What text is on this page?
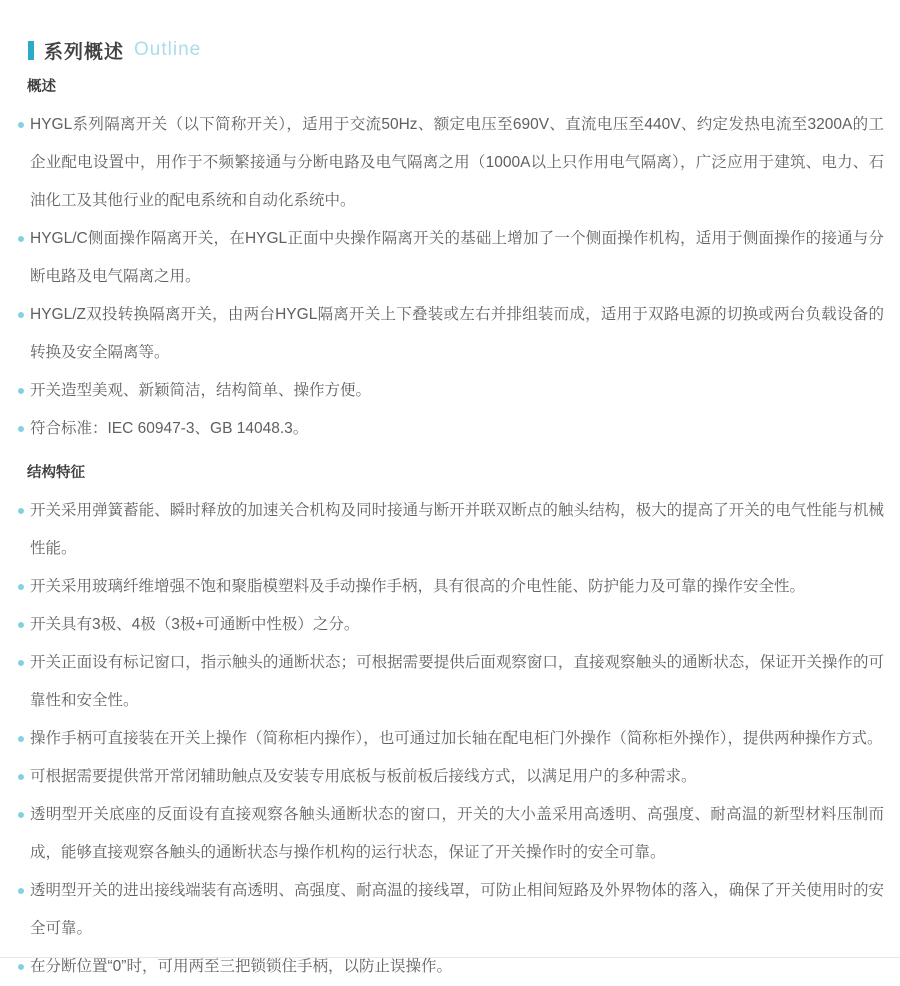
系列概述 Outline
概述
HYGL系列隔离开关（以下简称开关），适用于交流50Hz、额定电压至690V、直流电压至440V、约定发热电流至3200A的工企业配电设置中，用作于不频繁接通与分断电路及电气隔离之用（1000A以上只作用电气隔离），广泛应用于建筑、电力、石油化工及其他行业的配电系统和自动化系统中。
HYGL/C侧面操作隔离开关，在HYGL正面中央操作隔离开关的基础上增加了一个侧面操作机构，适用于侧面操作的接通与分断电路及电气隔离之用。
HYGL/Z双投转换隔离开关，由两台HYGL隔离开关上下叠装或左右并排组装而成，适用于双路电源的切换或两台负载设备的转换及安全隔离等。
开关造型美观、新颖简洁，结构简单、操作方便。
符合标准：IEC 60947-3、GB 14048.3。
结构特征
开关采用弹簧蓄能、瞬时释放的加速关合机构及同时接通与断开并联双断点的触头结构，极大的提高了开关的电气性能与机械性能。
开关采用玻璃纤维增强不饱和聚脂模塑料及手动操作手柄，具有很高的介电性能、防护能力及可靠的操作安全性。
开关具有3极、4极（3极+可通断中性极）之分。
开关正面设有标记窗口，指示触头的通断状态；可根据需要提供后面观察窗口，直接观察触头的通断状态，保证开关操作的可靠性和安全性。
操作手柄可直接装在开关上操作（简称柜内操作），也可通过加长轴在配电柜门外操作（简称柜外操作），提供两种操作方式。
可根据需要提供常开常闭辅助触点及安装专用底板与板前板后接线方式，以满足用户的多种需求。
透明型开关底座的反面设有直接观察各触头通断状态的窗口，开关的大小盖采用高透明、高强度、耐高温的新型材料压制而成，能够直接观察各触头的通断状态与操作机构的运行状态，保证了开关操作时的安全可靠。
透明型开关的进出接线端装有高透明、高强度、耐高温的接线罩，可防止相间短路及外界物体的落入，确保了开关使用时的安全可靠。
在分断位置“0”时，可用两至三把锁锁住手柄，以防止误操作。
